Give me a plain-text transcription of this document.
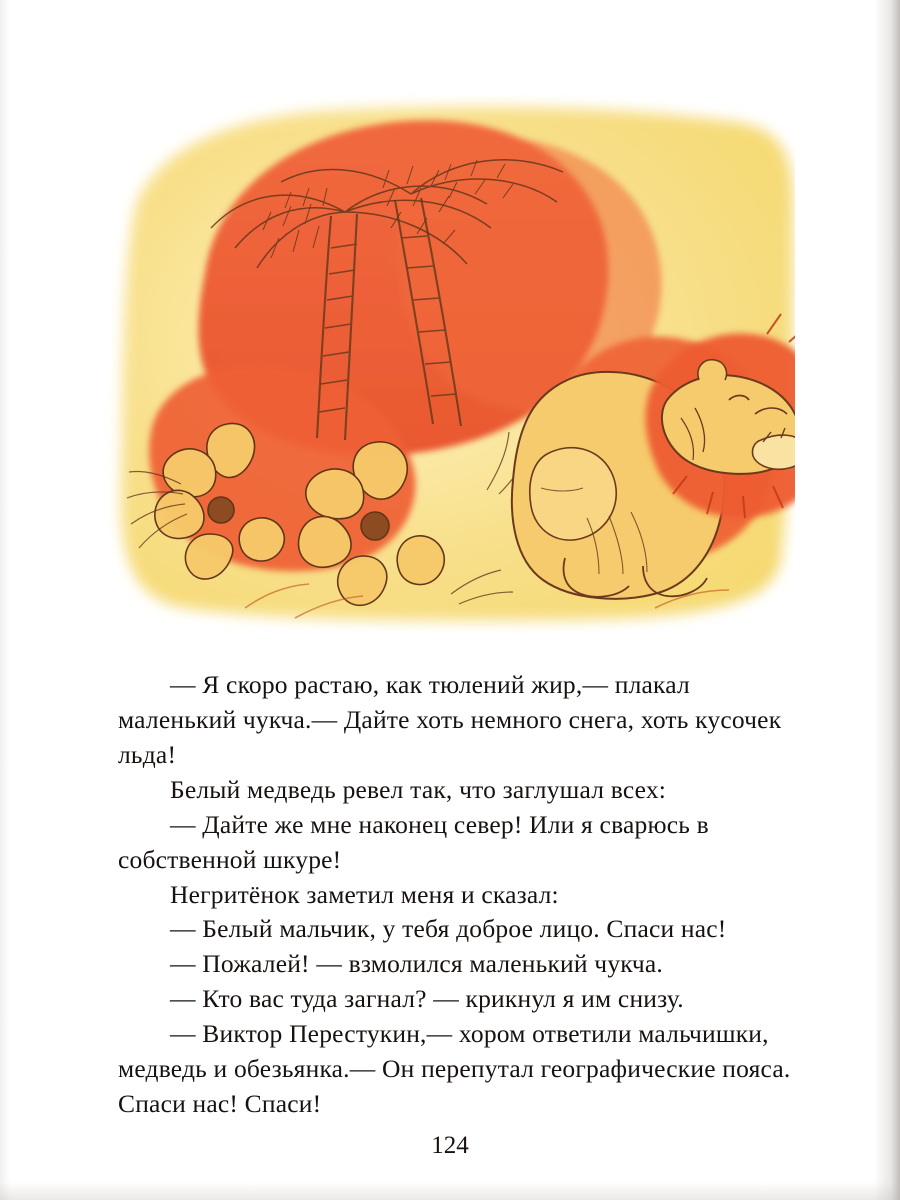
— Я скоро растаю, как тюлений жир,— плакал маленький чукча.— Дайте хоть немного снега, хоть кусочек льда!

Белый медведь ревел так, что заглушал всех:

— Дайте же мне наконец север! Или я сварюсь в собственной шкуре!

Негритёнок заметил меня и сказал:

— Белый мальчик, у тебя доброе лицо. Спаси нас!

— Пожалей! — взмолился маленький чукча.

— Кто вас туда загнал? — крикнул я им снизу.

— Виктор Перестукин,— хором ответили мальчишки, медведь и обезьянка.— Он перепутал географические пояса. Спаси нас! Спаси!

124
